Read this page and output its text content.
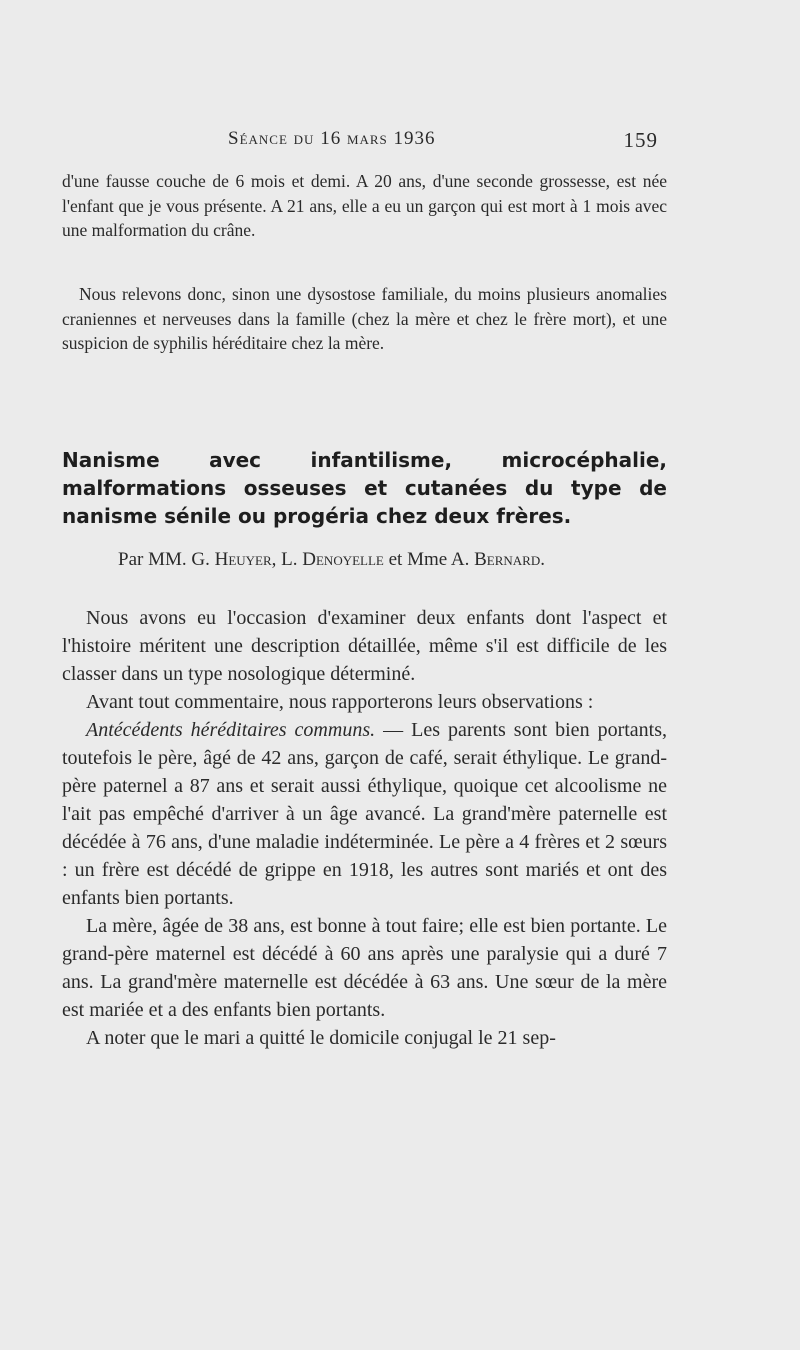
Séance du 16 mars 1936	159

d'une fausse couche de 6 mois et demi. A 20 ans, d'une seconde grossesse, est née l'enfant que je vous présente. A 21 ans, elle a eu un garçon qui est mort à 1 mois avec une malformation du crâne.

Nous relevons donc, sinon une dysostose familiale, du moins plusieurs anomalies craniennes et nerveuses dans la famille (chez la mère et chez le frère mort), et une suspicion de syphilis héréditaire chez la mère.

Nanisme avec infantilisme, microcéphalie, malformations osseuses et cutanées du type de nanisme sénile ou progéria chez deux frères.

Par MM. G. Heuyer, L. Denoyelle et Mme A. Bernard.

Nous avons eu l'occasion d'examiner deux enfants dont l'aspect et l'histoire méritent une description détaillée, même s'il est difficile de les classer dans un type nosologique déterminé.

Avant tout commentaire, nous rapporterons leurs observations :

Antécédents héréditaires communs. — Les parents sont bien portants, toutefois le père, âgé de 42 ans, garçon de café, serait éthylique. Le grand-père paternel a 87 ans et serait aussi éthylique, quoique cet alcoolisme ne l'ait pas empêché d'arriver à un âge avancé. La grand'mère paternelle est décédée à 76 ans, d'une maladie indéterminée. Le père a 4 frères et 2 sœurs : un frère est décédé de grippe en 1918, les autres sont mariés et ont des enfants bien portants.

La mère, âgée de 38 ans, est bonne à tout faire; elle est bien portante. Le grand-père maternel est décédé à 60 ans après une paralysie qui a duré 7 ans. La grand'mère maternelle est décédée à 63 ans. Une sœur de la mère est mariée et a des enfants bien portants.

A noter que le mari a quitté le domicile conjugal le 21 sep-
